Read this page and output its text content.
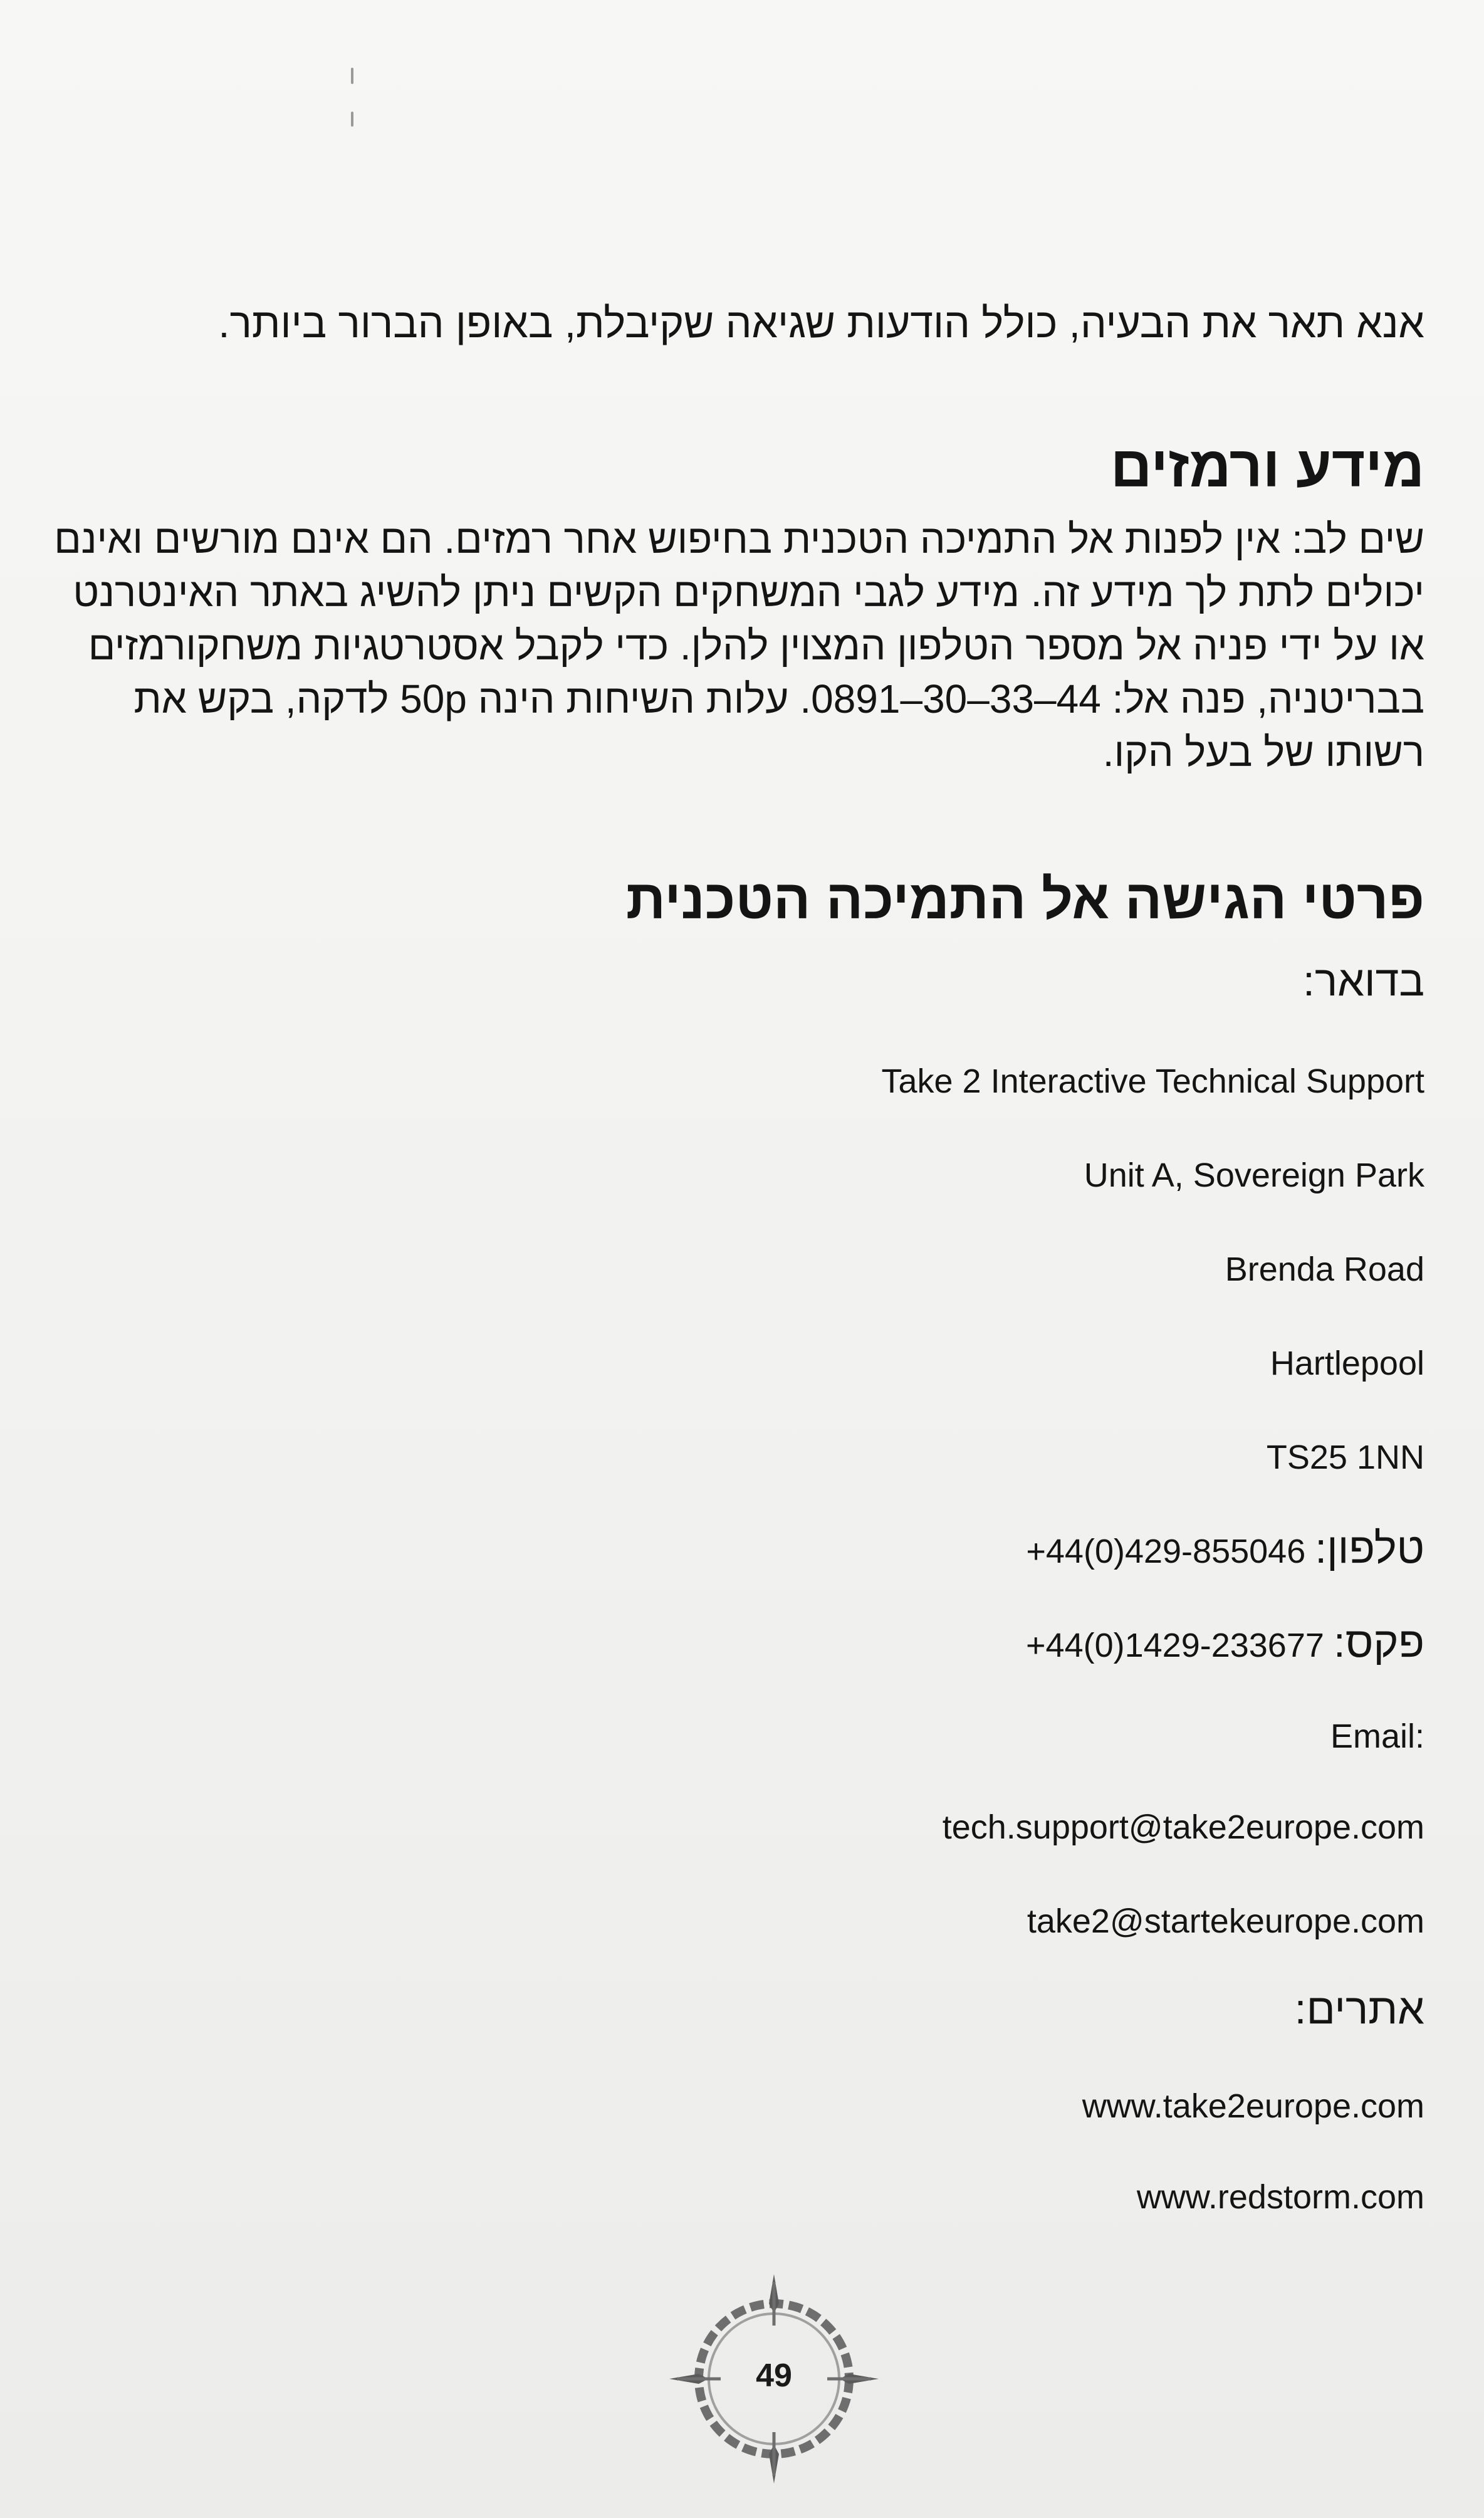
אנא תאר את הבעיה, כולל הודעות שגיאה שקיבלת, באופן הברור ביותר.
מידע ורמזים
שים לב: אין לפנות אל התמיכה הטכנית בחיפוש אחר רמזים. הם אינם מורשים ואינם
יכולים לתת לך מידע זה. מידע לגבי המשחקים הקשים ניתן להשיג באתר האינטרנט
או על ידי פניה אל מספר הטלפון המצוין להלן. כדי לקבל אסטרטגיות משחקורמזים
בבריטניה, פנה אל: 44–33–30–0891. עלות השיחות הינה 50p לדקה, בקש את
רשותו של בעל הקו.
פרטי הגישה אל התמיכה הטכנית
בדואר:
Take 2 Interactive Technical Support
Unit A, Sovereign Park
Brenda Road
Hartlepool
TS25 1NN
טלפון: +44(0)429-855046
פקס: +44(0)1429-233677
Email:
tech.support@take2europe.com
take2@startekeurope.com
אתרים:
www.take2europe.com
www.redstorm.com
49
